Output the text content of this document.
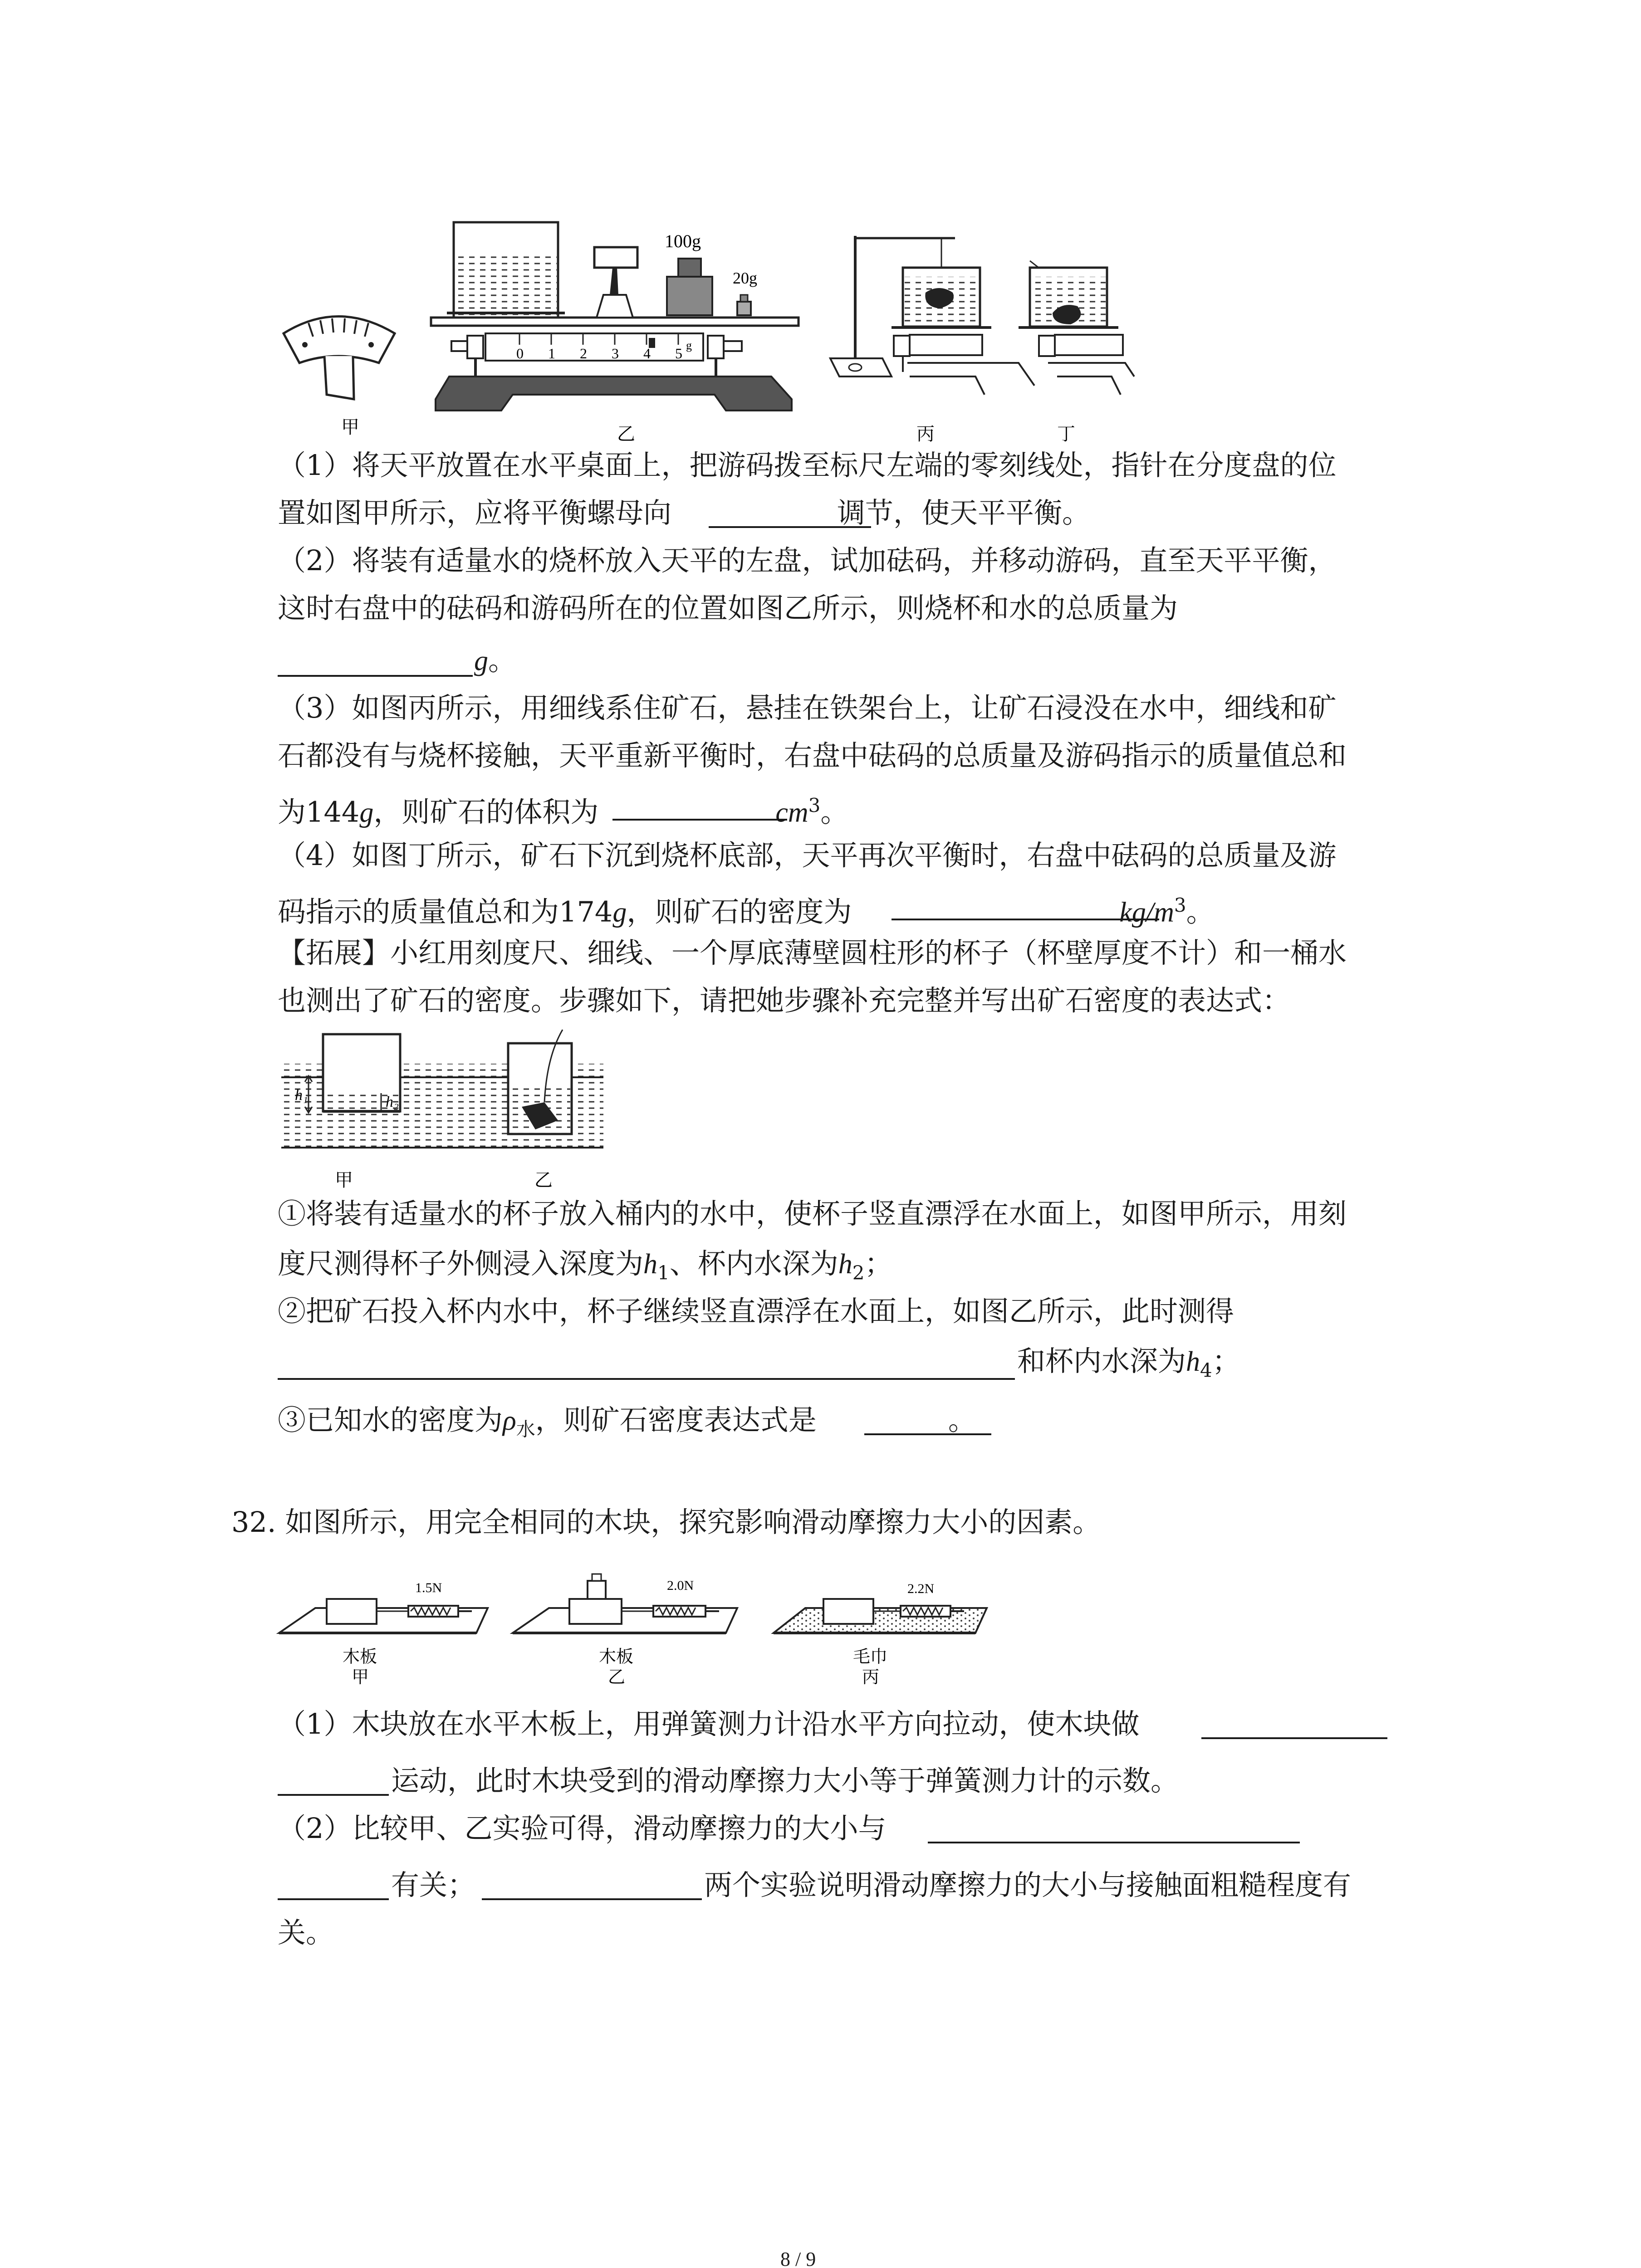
100g
20g
0 1 2 3 4 5 g
甲	乙	丙	丁
（1）将天平放置在水平桌面上，把游码拨至标尺左端的零刻线处，指针在分度盘的位
置如图甲所示，应将平衡螺母向	调节，使天平平衡。
（2）将装有适量水的烧杯放入天平的左盘，试加砝码，并移动游码，直至天平平衡，
这时右盘中的砝码和游码所在的位置如图乙所示，则烧杯和水的总质量为
g。
（3）如图丙所示，用细线系住矿石，悬挂在铁架台上，让矿石浸没在水中，细线和矿
石都没有与烧杯接触，天平重新平衡时，右盘中砝码的总质量及游码指示的质量值总和
为144g，则矿石的体积为	$cm^3$。
（4）如图丁所示，矿石下沉到烧杯底部，天平再次平衡时，右盘中砝码的总质量及游
码指示的质量值总和为174g，则矿石的密度为	$kg/m^3$。
【拓展】小红用刻度尺、细线、一个厚底薄壁圆柱形的杯子（杯壁厚度不计）和一桶水
也测出了矿石的密度。步骤如下，请把她步骤补充完整并写出矿石密度的表达式：
h₁	h₂
甲	乙
①将装有适量水的杯子放入桶内的水中，使杯子竖直漂浮在水面上，如图甲所示，用刻
度尺测得杯子外侧浸入深度为$h_1$、杯内水深为$h_2$；
②把矿石投入杯内水中，杯子继续竖直漂浮在水面上，如图乙所示，此时测得
和杯内水深为$h_4$；
③已知水的密度为$\rho_水$，则矿石密度表达式是	。
32. 如图所示，用完全相同的木块，探究影响滑动摩擦力大小的因素。
1.5N	2.0N	2.2N
木板
甲
木板
乙
毛巾
丙
（1）木块放在水平木板上，用弹簧测力计沿水平方向拉动，使木块做
运动，此时木块受到的滑动摩擦力大小等于弹簧测力计的示数。
（2）比较甲、乙实验可得，滑动摩擦力的大小与
有关；	两个实验说明滑动摩擦力的大小与接触面粗糙程度有
关。
8 / 9
